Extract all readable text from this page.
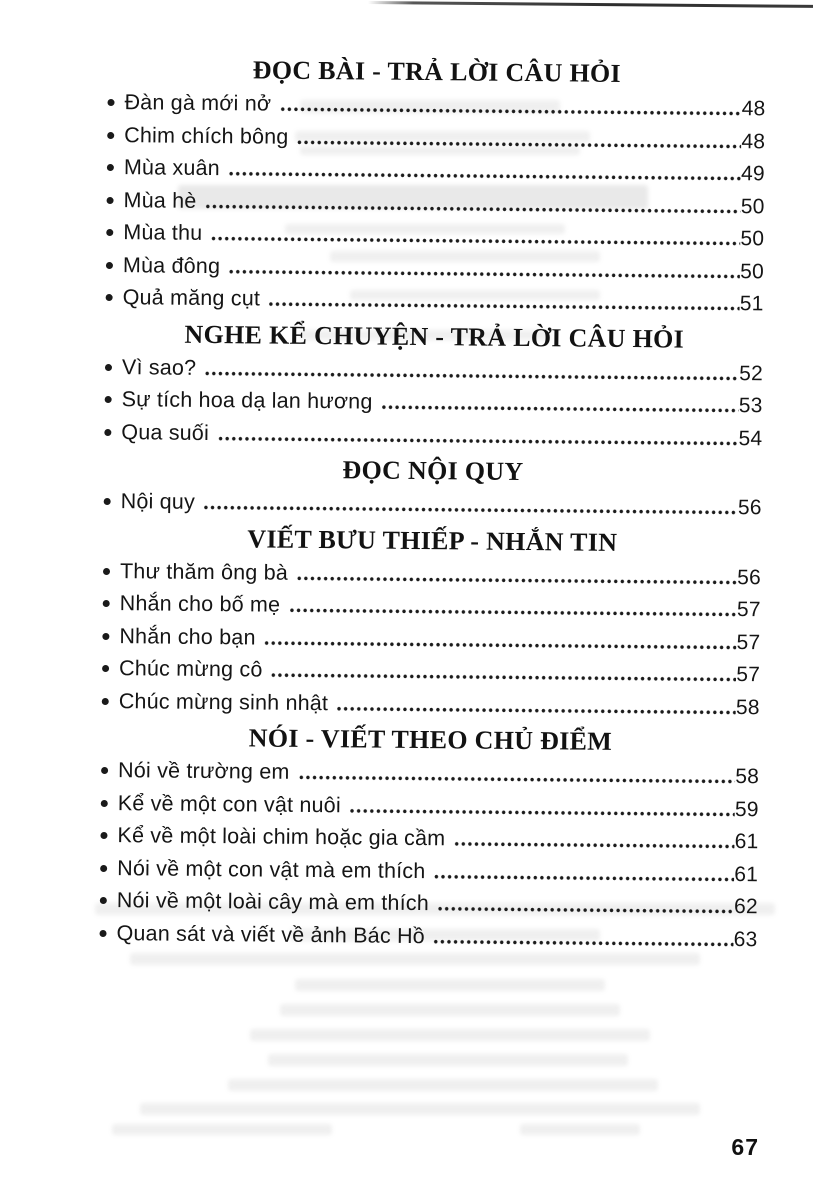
ĐỌC BÀI - TRẢ LỜI CÂU HỎI
Đàn gà mới nở	48
Chim chích bông	48
Mùa xuân	49
Mùa hè	50
Mùa thu	50
Mùa đông	50
Quả măng cụt	51
NGHE KỂ CHUYỆN - TRẢ LỜI CÂU HỎI
Vì sao?	52
Sự tích hoa dạ lan hương	53
Qua suối	54
ĐỌC NỘI QUY
Nội quy	56
VIẾT BƯU THIẾP - NHẮN TIN
Thư thăm ông bà	56
Nhắn cho bố mẹ	57
Nhắn cho bạn	57
Chúc mừng cô	57
Chúc mừng sinh nhật	58
NÓI - VIẾT THEO CHỦ ĐIỂM
Nói về trường em	58
Kể về một con vật nuôi	59
Kể về một loài chim hoặc gia cầm	61
Nói về một con vật mà em thích	61
Nói về một loài cây mà em thích	62
Quan sát và viết về ảnh Bác Hồ	63
67
